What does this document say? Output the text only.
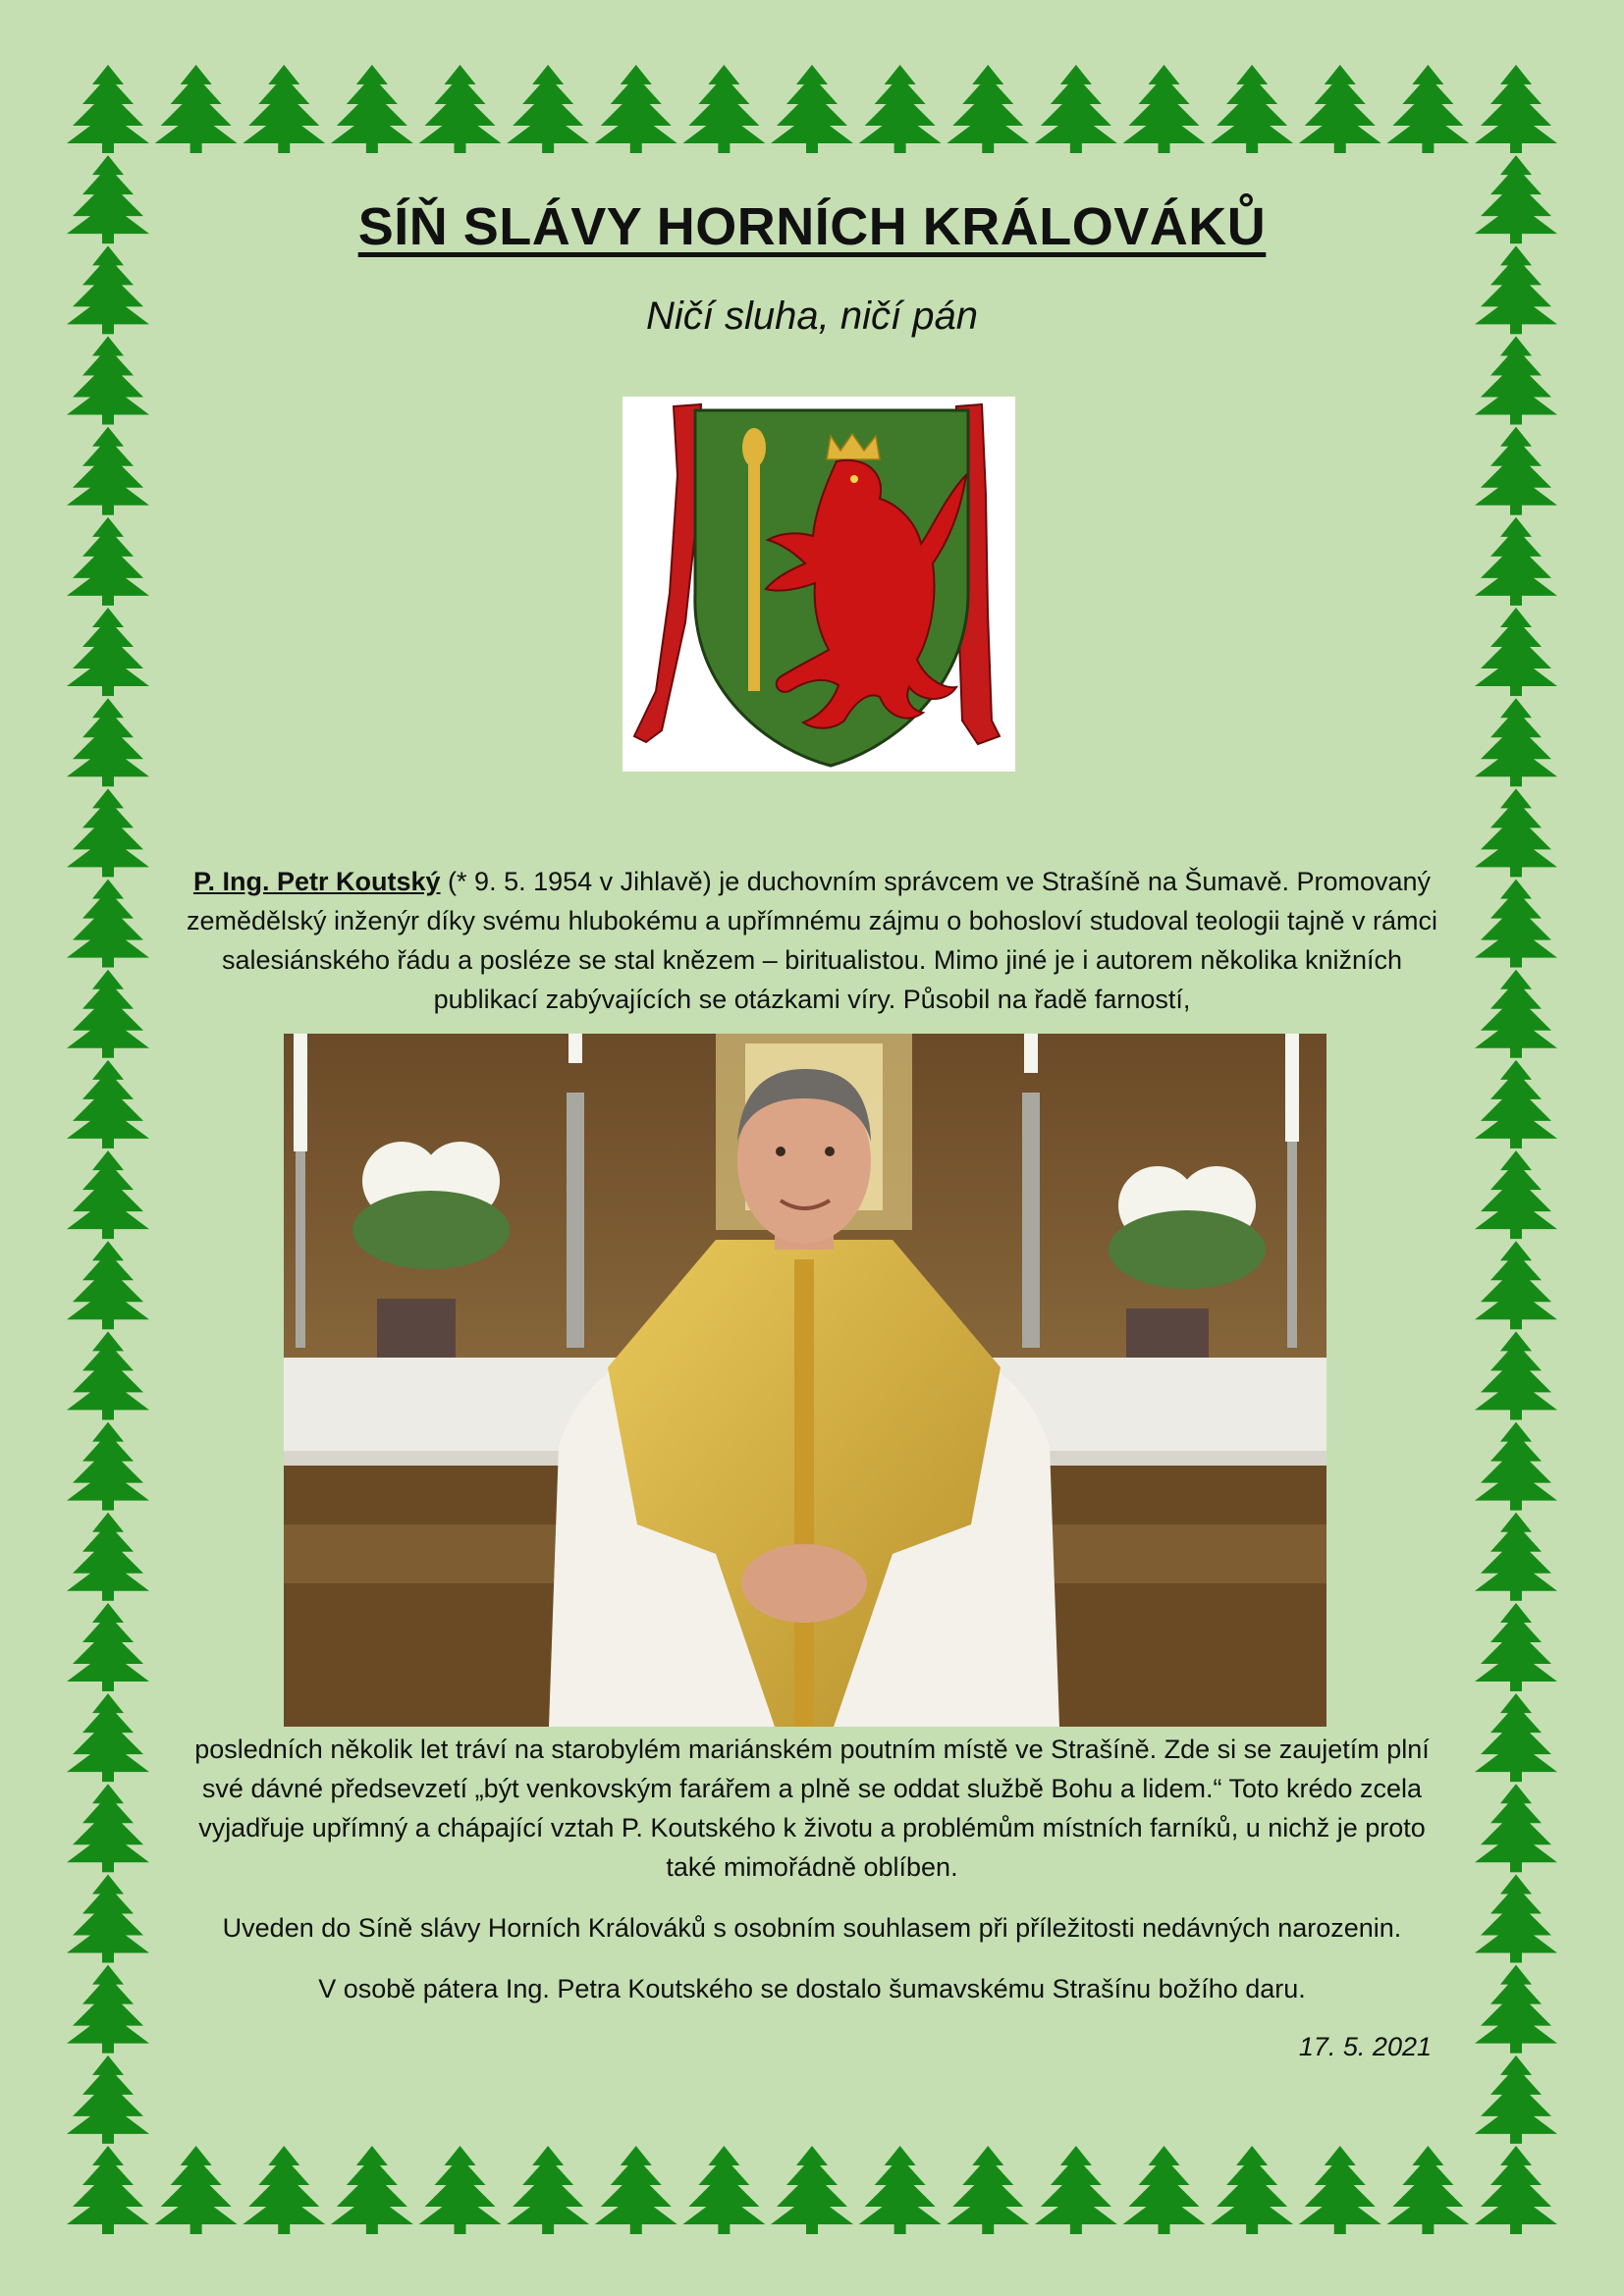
SÍŇ SLÁVY HORNÍCH KRÁLOVÁKŮ
Ničí sluha, ničí pán

P. Ing. Petr Koutský (* 9. 5. 1954 v Jihlavě) je duchovním správcem ve Strašíně na Šumavě. Promovaný zemědělský inženýr díky svému hlubokému a upřímnému zájmu o bohosloví studoval teologii tajně v rámci salesiánského řádu a posléze se stal knězem – biritualistou. Mimo jiné je i autorem několika knižních publikací zabývajících se otázkami víry. Působil na řadě farností,

posledních několik let tráví na starobylém mariánském poutním místě ve Strašíně. Zde si se zaujetím plní své dávné předsevzetí „být venkovským farářem a plně se oddat službě Bohu a lidem.“ Toto krédo zcela vyjadřuje upřímný a chápající vztah P. Koutského k životu a problémům místních farníků, u nichž je proto také mimořádně oblíben.

Uveden do Síně slávy Horních Králováků s osobním souhlasem při příležitosti nedávných narozenin.

V osobě pátera Ing. Petra Koutského se dostalo šumavskému Strašínu božího daru.

17. 5. 2021
